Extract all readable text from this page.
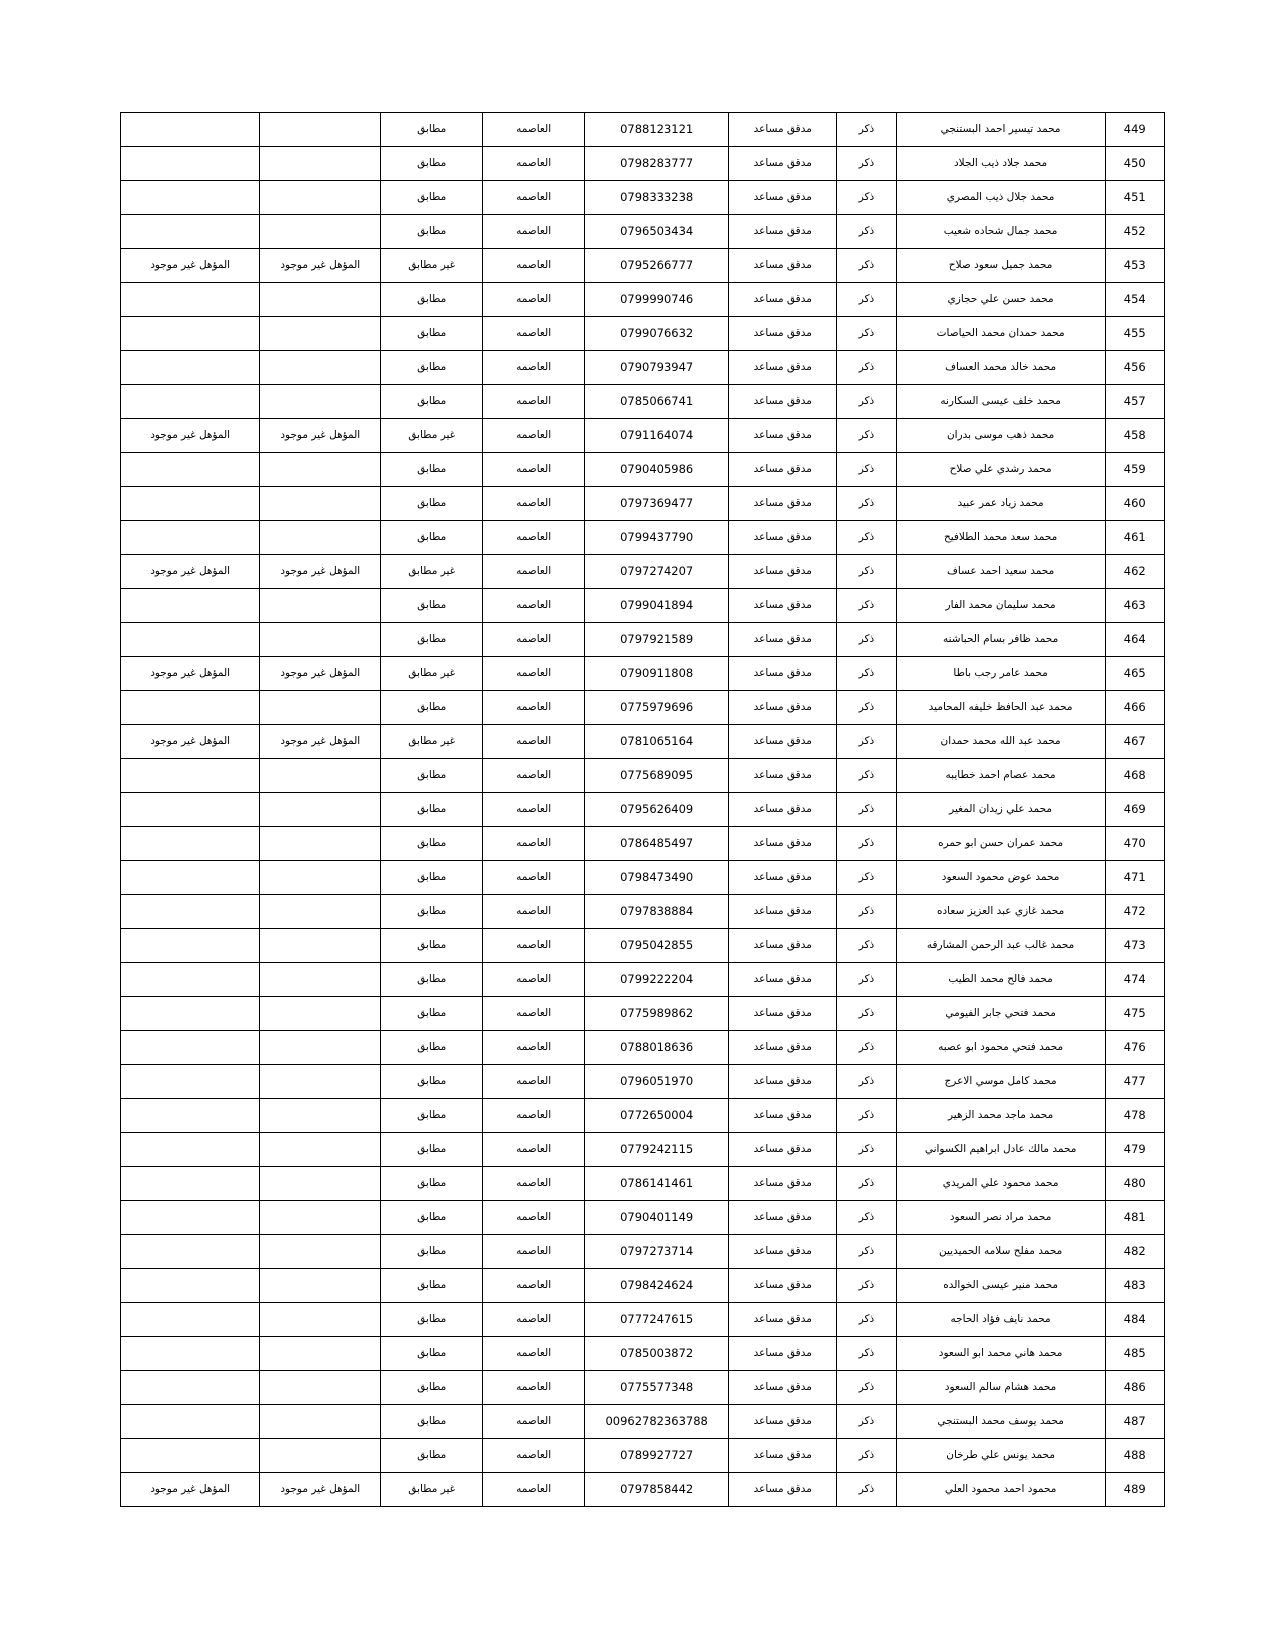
449	محمد تيسير احمد البستنجي	ذكر	مدقق مساعد	0788123121	العاصمه	مطابق		
450	محمد جلاد ذيب الجلاد	ذكر	مدقق مساعد	0798283777	العاصمه	مطابق		
451	محمد جلال ذيب المصري	ذكر	مدقق مساعد	0798333238	العاصمه	مطابق		
452	محمد جمال شحاده شعيب	ذكر	مدقق مساعد	0796503434	العاصمه	مطابق		
453	محمد جميل سعود صلاح	ذكر	مدقق مساعد	0795266777	العاصمه	غير مطابق	المؤهل غير موجود	المؤهل غير موجود
454	محمد حسن علي حجازي	ذكر	مدقق مساعد	0799990746	العاصمه	مطابق		
455	محمد حمدان محمد الحياصات	ذكر	مدقق مساعد	0799076632	العاصمه	مطابق		
456	محمد خالد محمد العساف	ذكر	مدقق مساعد	0790793947	العاصمه	مطابق		
457	محمد خلف عيسى السكارنه	ذكر	مدقق مساعد	0785066741	العاصمه	مطابق		
458	محمد ذهب موسى بدران	ذكر	مدقق مساعد	0791164074	العاصمه	غير مطابق	المؤهل غير موجود	المؤهل غير موجود
459	محمد رشدي علي صلاح	ذكر	مدقق مساعد	0790405986	العاصمه	مطابق		
460	محمد زياد عمر عبيد	ذكر	مدقق مساعد	0797369477	العاصمه	مطابق		
461	محمد سعد محمد الطلافيح	ذكر	مدقق مساعد	0799437790	العاصمه	مطابق		
462	محمد سعيد احمد عساف	ذكر	مدقق مساعد	0797274207	العاصمه	غير مطابق	المؤهل غير موجود	المؤهل غير موجود
463	محمد سليمان محمد الفار	ذكر	مدقق مساعد	0799041894	العاصمه	مطابق		
464	محمد ظافر بسام الحباشنه	ذكر	مدقق مساعد	0797921589	العاصمه	مطابق		
465	محمد عامر رجب باطا	ذكر	مدقق مساعد	0790911808	العاصمه	غير مطابق	المؤهل غير موجود	المؤهل غير موجود
466	محمد عبد الحافظ خليفه المحاميد	ذكر	مدقق مساعد	0775979696	العاصمه	مطابق		
467	محمد عبد الله محمد حمدان	ذكر	مدقق مساعد	0781065164	العاصمه	غير مطابق	المؤهل غير موجود	المؤهل غير موجود
468	محمد عصام احمد خطايبه	ذكر	مدقق مساعد	0775689095	العاصمه	مطابق		
469	محمد علي زيدان المغير	ذكر	مدقق مساعد	0795626409	العاصمه	مطابق		
470	محمد عمران حسن ابو حمره	ذكر	مدقق مساعد	0786485497	العاصمه	مطابق		
471	محمد عوض محمود السعود	ذكر	مدقق مساعد	0798473490	العاصمه	مطابق		
472	محمد غازي عبد العزيز سعاده	ذكر	مدقق مساعد	0797838884	العاصمه	مطابق		
473	محمد غالب عبد الرحمن المشارقه	ذكر	مدقق مساعد	0795042855	العاصمه	مطابق		
474	محمد فالح محمد الطيب	ذكر	مدقق مساعد	0799222204	العاصمه	مطابق		
475	محمد فتحي جابر الفيومي	ذكر	مدقق مساعد	0775989862	العاصمه	مطابق		
476	محمد فتحي محمود ابو عصبه	ذكر	مدقق مساعد	0788018636	العاصمه	مطابق		
477	محمد كامل موسي الاعرج	ذكر	مدقق مساعد	0796051970	العاصمه	مطابق		
478	محمد ماجد محمد الزهير	ذكر	مدقق مساعد	0772650004	العاصمه	مطابق		
479	محمد مالك عادل ابراهيم الكسواني	ذكر	مدقق مساعد	0779242115	العاصمه	مطابق		
480	محمد محمود علي المريدي	ذكر	مدقق مساعد	0786141461	العاصمه	مطابق		
481	محمد مراد نصر السعود	ذكر	مدقق مساعد	0790401149	العاصمه	مطابق		
482	محمد مفلح سلامه الحميديين	ذكر	مدقق مساعد	0797273714	العاصمه	مطابق		
483	محمد منير عيسى الخوالده	ذكر	مدقق مساعد	0798424624	العاصمه	مطابق		
484	محمد نايف فؤاد الحاجه	ذكر	مدقق مساعد	0777247615	العاصمه	مطابق		
485	محمد هاني محمد ابو السعود	ذكر	مدقق مساعد	0785003872	العاصمه	مطابق		
486	محمد هشام سالم السعود	ذكر	مدقق مساعد	0775577348	العاصمه	مطابق		
487	محمد يوسف محمد البستنجي	ذكر	مدقق مساعد	00962782363788	العاصمه	مطابق		
488	محمد يونس علي طرخان	ذكر	مدقق مساعد	0789927727	العاصمه	مطابق		
489	محمود احمد محمود العلي	ذكر	مدقق مساعد	0797858442	العاصمه	غير مطابق	المؤهل غير موجود	المؤهل غير موجود
